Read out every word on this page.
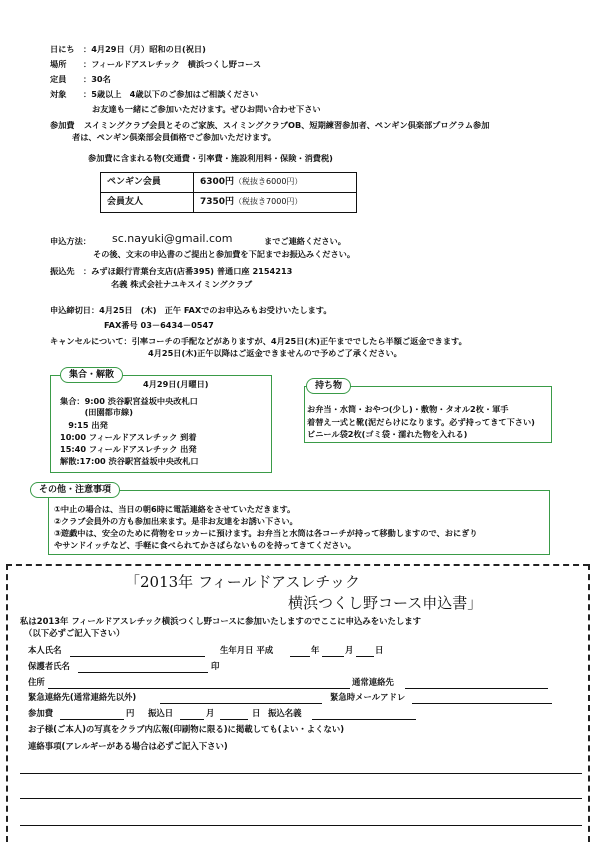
日にち ：4月29日（月）昭和の日(祝日)
場所 ：フィールドアスレチック　横浜つくし野コース
定員 ：30名
対象 ：5歳以上　4歳以下のご参加はご相談ください
お友達も一緒にご参加いただけます。ぜひお問い合わせ下さい
参加費 スイミングクラブ会員とそのご家族、スイミングクラブOB、短期練習参加者、ペンギン倶楽部プログラム参加
者は、ペンギン倶楽部会員価格でご参加いただけます。
参加費に含まれる物(交通費・引率費・施設利用料・保険・消費税)
ペンギン会員	6300円（税抜き6000円）
会員友人	7350円（税抜き7000円）
申込方法： sc.nayuki@gmail.com	までご連絡ください。
その後、文末の申込書のご提出と参加費を下記までお振込みください。
振込先 ：みずほ銀行青葉台支店(店番395) 普通口座 2154213
名義 株式会社ナユキスイミングクラブ
申込締切日：4月25日　(木)　正午 FAXでのお申込みもお受けいたします。
FAX番号 03－6434－0547
キャンセルについて：引率コーチの手配などがありますが、4月25日(木)正午まででしたら半額ご返金できます。
4月25日(木)正午以降はご返金できませんので予めご了承ください。
集合・解散
4月29日(月曜日)
集合：9:00 渋谷駅宮益坂中央改札口
　　　(田園都市線)
　9:15 出発
10:00 フィールドアスレチック 到着
15:40 フィールドアスレチック 出発
解散:17:00 渋谷駅宮益坂中央改札口
持ち物
お弁当・水筒・おやつ(少し)・敷物・タオル2枚・軍手
着替え一式と靴(泥だらけになります。必ず持ってきて下さい)
ビニール袋2枚(ゴミ袋・濡れた物を入れる)
その他・注意事項
①中止の場合は、当日の朝6時に電話連絡をさせていただきます。
②クラブ会員外の方も参加出来ます。是非お友達をお誘い下さい。
③遊戯中は、安全のために荷物をロッカーに預けます。お弁当と水筒は各コーチが持って移動しますので、おにぎり
やサンドイッチなど、手軽に食べられてかさばらないものを持ってきてください。
「2013年 フィールドアスレチック
横浜つくし野コース申込書」
私は2013年 フィールドアスレチック横浜つくし野コースに参加いたしますのでここに申込みをいたします
（以下必ずご記入下さい）
本人氏名	生年月日 平成	年	月	日
保護者氏名	印
住所	通常連絡先
緊急連絡先(通常連絡先以外)	緊急時メールアドレ
参加費	円 振込日	月	日 振込名義
お子様(ご本人)の写真をクラブ内広報(印刷物に限る)に掲載しても(よい・よくない)
連絡事項(アレルギーがある場合は必ずご記入下さい)
